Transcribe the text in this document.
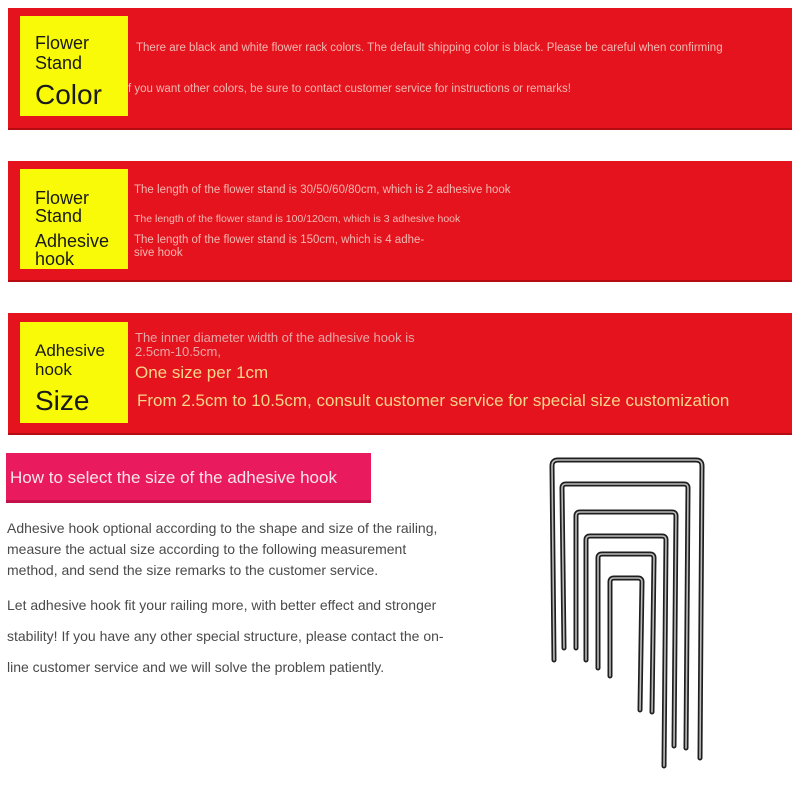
Flower
Stand
Color
There are black and white flower rack colors. The default shipping color is black. Please be careful when confirming
f you want other colors, be sure to contact customer service for instructions or remarks!
Flower
Stand
Adhesive
hook
The length of the flower stand is 30/50/60/80cm, which is 2 adhesive hook
The length of the flower stand is 100/120cm, which is 3 adhesive hook
The length of the flower stand is 150cm, which is 4 adhe-
sive hook
Adhesive
hook
Size
The inner diameter width of the adhesive hook is
2.5cm-10.5cm,
One size per 1cm
From 2.5cm to 10.5cm, consult customer service for special size customization
How to select the size of the adhesive hook
Adhesive hook optional according to the shape and size of the railing,
measure the actual size according to the following measurement
method, and send the size remarks to the customer service.
Let adhesive hook fit your railing more, with better effect and stronger
stability! If you have any other special structure, please contact the on-
line customer service and we will solve the problem patiently.
